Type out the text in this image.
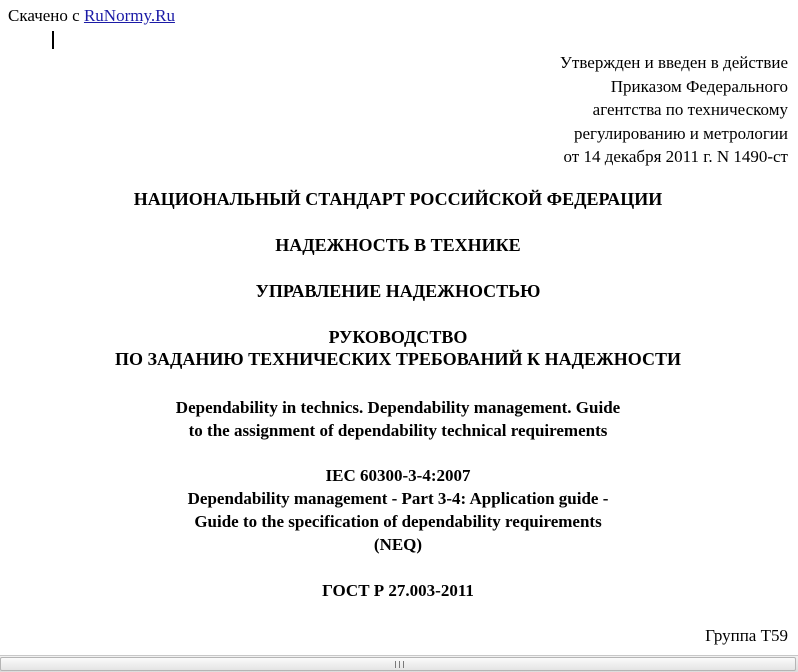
Скачено с RuNormy.Ru
Утвержден и введен в действие
Приказом Федерального
агентства по техническому
регулированию и метрологии
от 14 декабря 2011 г. N 1490-ст
НАЦИОНАЛЬНЫЙ СТАНДАРТ РОССИЙСКОЙ ФЕДЕРАЦИИ
НАДЕЖНОСТЬ В ТЕХНИКЕ
УПРАВЛЕНИЕ НАДЕЖНОСТЬЮ
РУКОВОДСТВО
ПО ЗАДАНИЮ ТЕХНИЧЕСКИХ ТРЕБОВАНИЙ К НАДЕЖНОСТИ
Dependability in technics. Dependability management. Guide
to the assignment of dependability technical requirements
IEC 60300-3-4:2007
Dependability management - Part 3-4: Application guide -
Guide to the specification of dependability requirements
(NEQ)
ГОСТ Р 27.003-2011
Группа Т59
